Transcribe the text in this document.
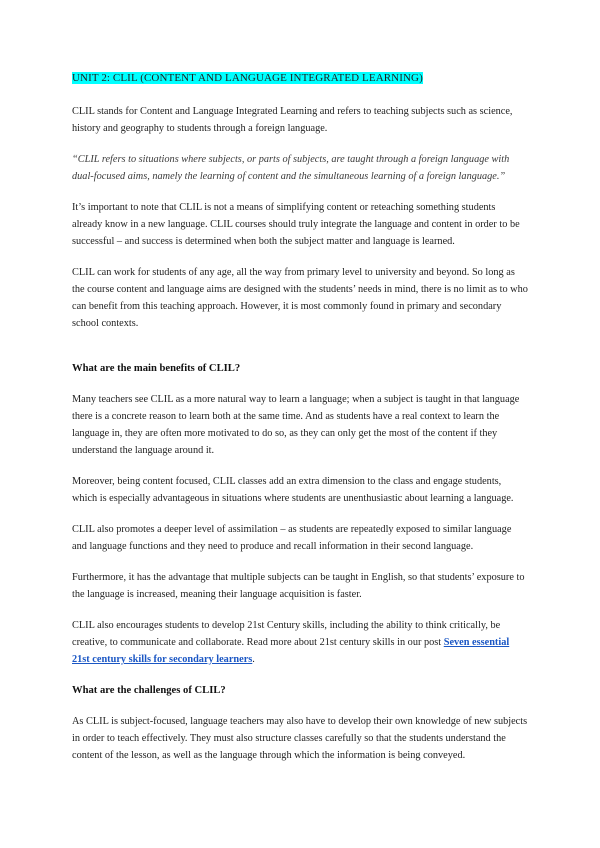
UNIT 2: CLIL (CONTENT AND LANGUAGE INTEGRATED LEARNING)

CLIL stands for Content and Language Integrated Learning and refers to teaching subjects such as science, history and geography to students through a foreign language.

“CLIL refers to situations where subjects, or parts of subjects, are taught through a foreign language with dual-focused aims, namely the learning of content and the simultaneous learning of a foreign language.”

It’s important to note that CLIL is not a means of simplifying content or reteaching something students already know in a new language. CLIL courses should truly integrate the language and content in order to be successful – and success is determined when both the subject matter and language is learned.

CLIL can work for students of any age, all the way from primary level to university and beyond. So long as the course content and language aims are designed with the students’ needs in mind, there is no limit as to who can benefit from this teaching approach. However, it is most commonly found in primary and secondary school contexts.

What are the main benefits of CLIL?

Many teachers see CLIL as a more natural way to learn a language; when a subject is taught in that language there is a concrete reason to learn both at the same time. And as students have a real context to learn the language in, they are often more motivated to do so, as they can only get the most of the content if they understand the language around it.

Moreover, being content focused, CLIL classes add an extra dimension to the class and engage students, which is especially advantageous in situations where students are unenthusiastic about learning a language.

CLIL also promotes a deeper level of assimilation – as students are repeatedly exposed to similar language and language functions and they need to produce and recall information in their second language.

Furthermore, it has the advantage that multiple subjects can be taught in English, so that students’ exposure to the language is increased, meaning their language acquisition is faster.

CLIL also encourages students to develop 21st Century skills, including the ability to think critically, be creative, to communicate and collaborate. Read more about 21st century skills in our post Seven essential 21st century skills for secondary learners.

What are the challenges of CLIL?

As CLIL is subject-focused, language teachers may also have to develop their own knowledge of new subjects in order to teach effectively. They must also structure classes carefully so that the students understand the content of the lesson, as well as the language through which the information is being conveyed.
